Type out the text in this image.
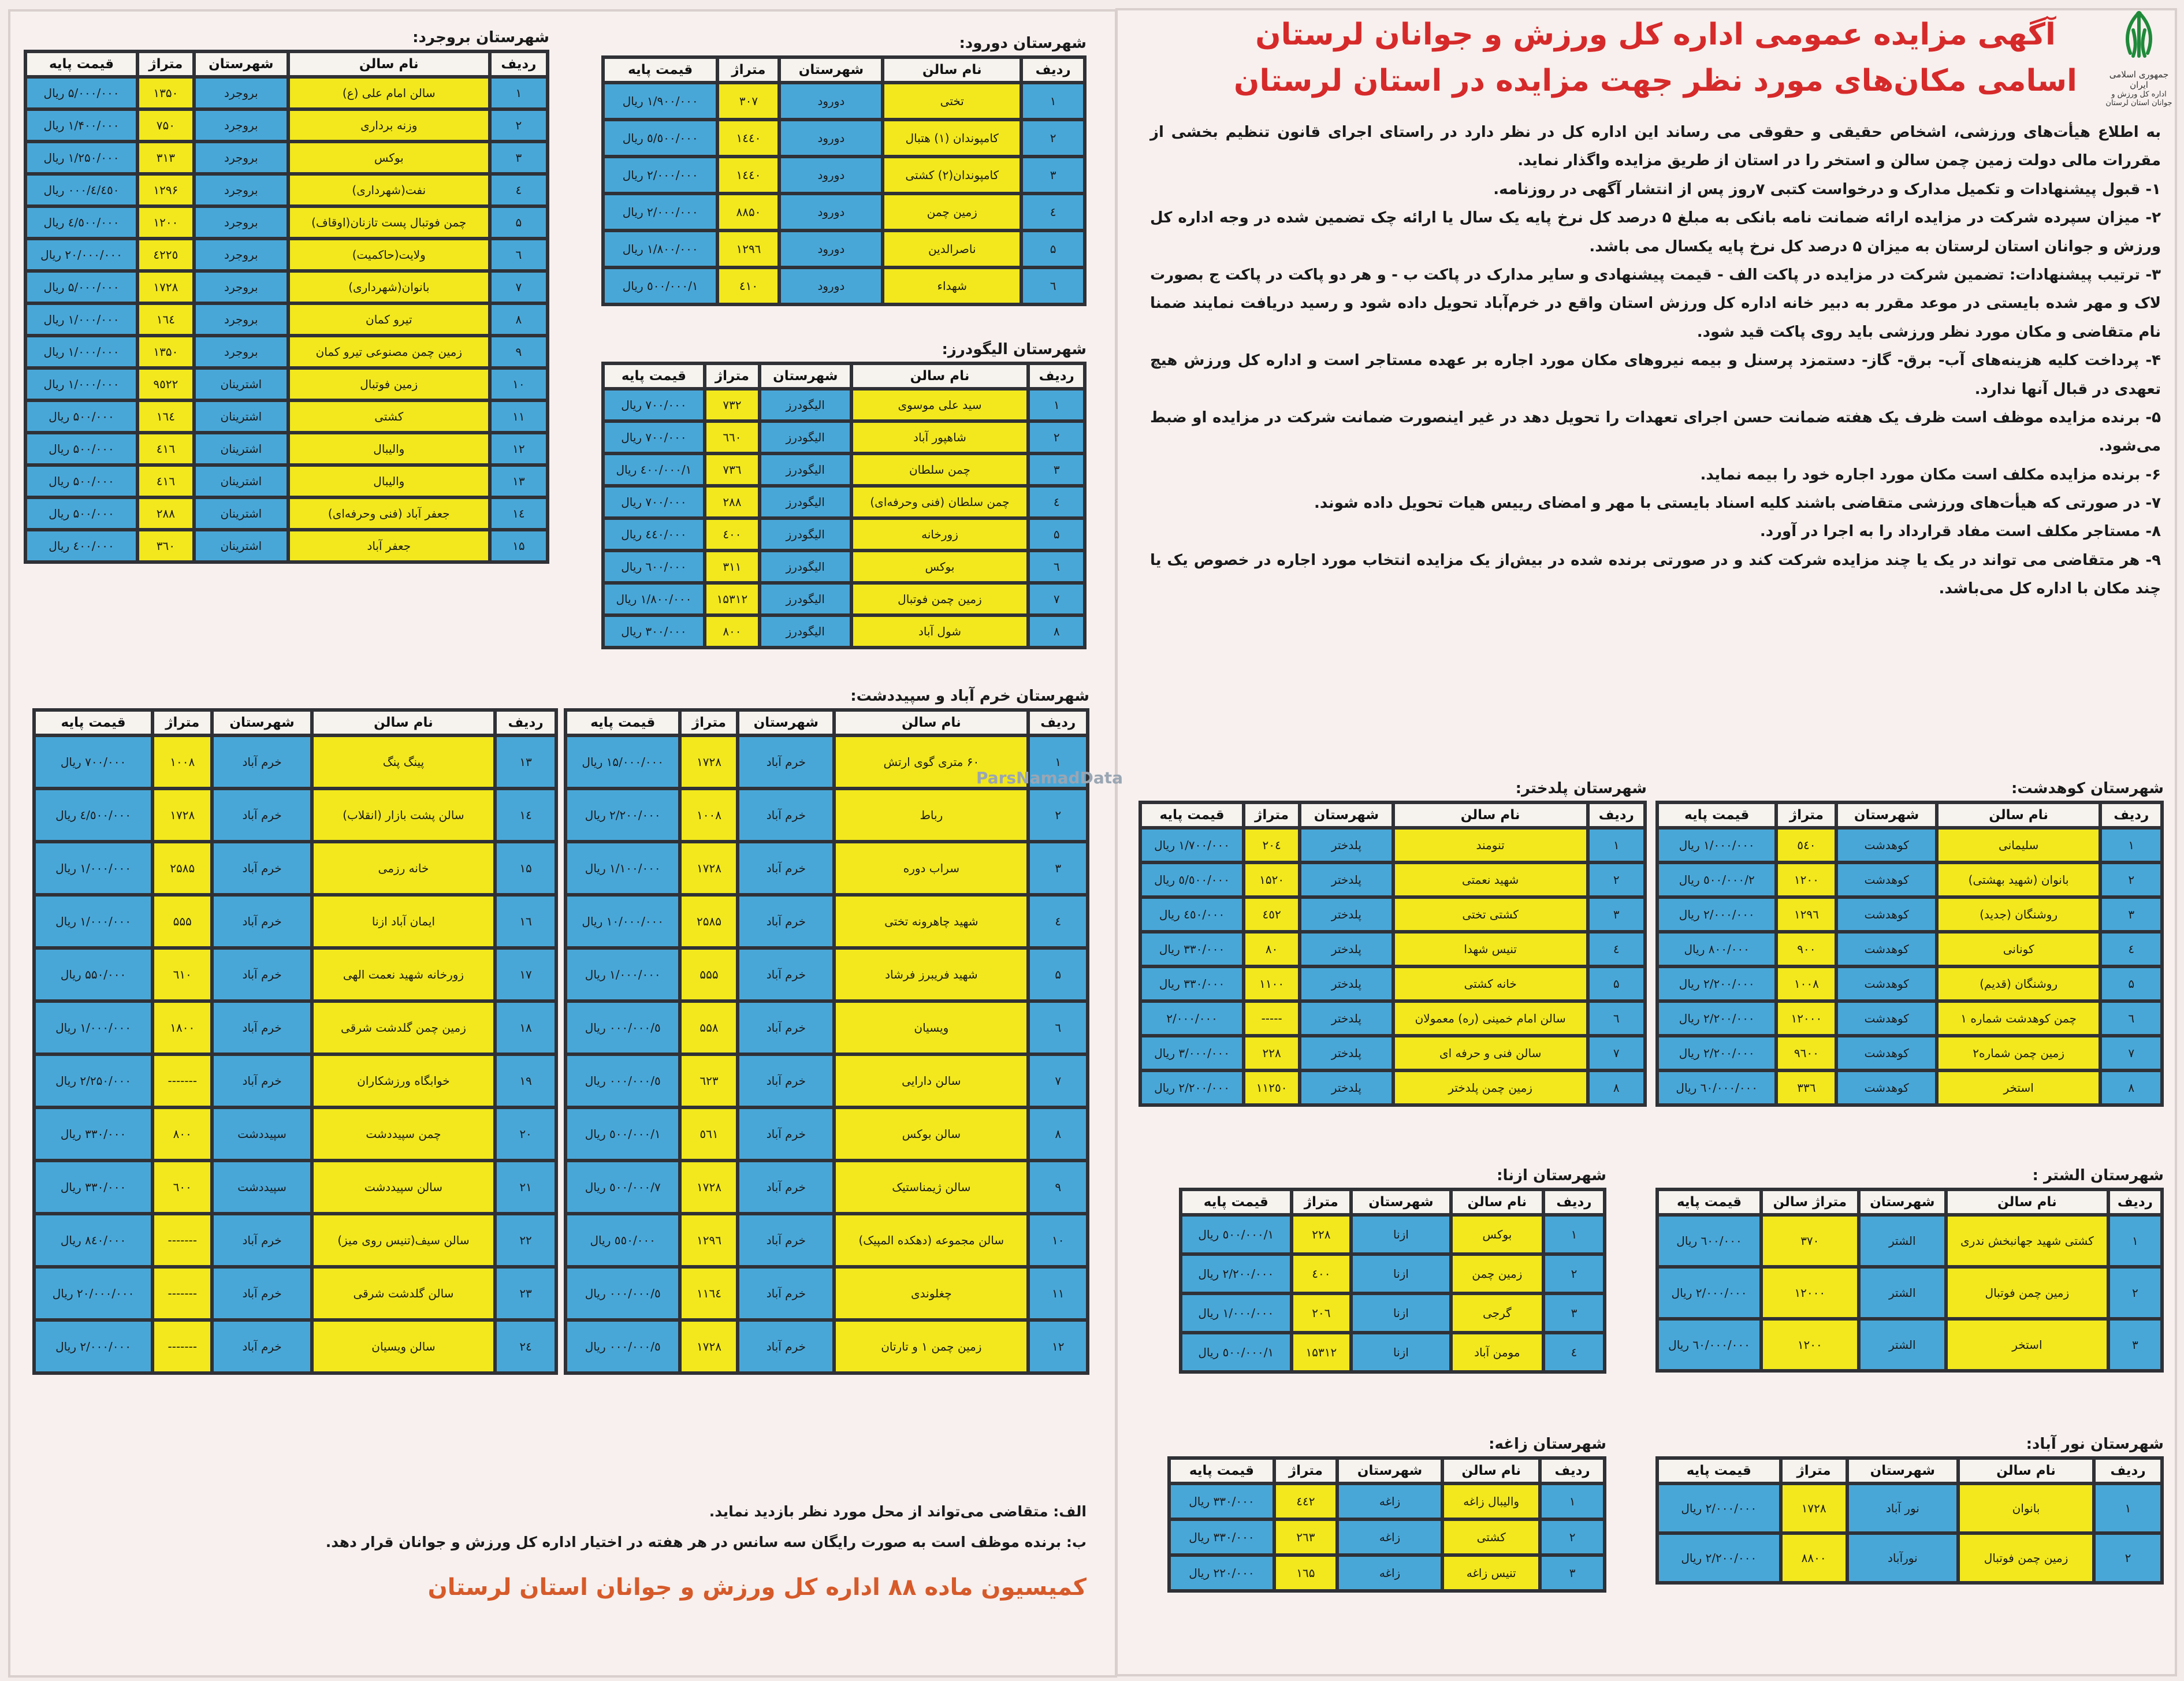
جمهوری اسلامی ایران
اداره کل ورزش و جوانان استان لرستان
آگهی مزایده عمومی اداره کل ورزش و جوانان لرستان
اسامی مکان‌های مورد نظر جهت مزایده در استان لرستان

به اطلاع هیأت‌های ورزشی، اشخاص حقیقی و حقوقی می رساند این اداره کل در نظر دارد در راستای اجرای قانون تنظیم بخشی از مقررات مالی دولت زمین چمن سالن و استخر را در استان از طریق مزایده واگذار نماید.

۱- قبول پیشنهادات و تکمیل مدارک و درخواست کتبی ۷روز پس از انتشار آگهی در روزنامه.

۲- میزان سپرده شرکت در مزایده ارائه ضمانت نامه بانکی به مبلغ ۵ درصد کل نرخ پایه یک سال یا ارائه چک تضمین شده در وجه اداره کل ورزش و جوانان استان لرستان به میزان ۵ درصد کل نرخ پایه یکسال می باشد.

۳- ترتیب پیشنهادات: تضمین شرکت در مزایده در پاکت الف - قیمت پیشنهادی و سایر مدارک در پاکت ب - و هر دو پاکت در پاکت ج بصورت لاک و مهر شده بایستی در موعد مقرر به دبیر خانه اداره کل ورزش استان واقع در خرم‌آباد تحویل داده شود و رسید دریافت نمایند ضمنا نام متقاضی و مکان مورد نظر ورزشی باید روی پاکت قید شود.

۴- پرداخت کلیه هزینه‌های آب- برق- گاز- دستمزد پرسنل و بیمه نیروهای مکان مورد اجاره بر عهده مستاجر است و اداره کل ورزش هیچ تعهدی در قبال آنها ندارد.

۵- برنده مزایده موظف است ظرف یک هفته ضمانت حسن اجرای تعهدات را تحویل دهد در غیر اینصورت ضمانت شرکت در مزایده او ضبط می‌شود.

۶- برنده مزایده مکلف است مکان مورد اجاره خود را بیمه نماید.

۷- در صورتی که هیأت‌های ورزشی متقاضی باشند کلیه اسناد بایستی با مهر و امضای رییس هیات تحویل داده شوند.

۸- مستاجر مکلف است مفاد قرارداد را به اجرا در آورد.

۹- هر متقاضی می تواند در یک یا چند مزایده شرکت کند و در صورتی برنده شده در بیش‌از یک مزایده انتخاب مورد اجاره در خصوص یک یا چند مکان با اداره کل می‌باشد.

شهرستان کوهدشت:
ردیف	نام سالن	شهرستان	متراژ	قیمت پایه
۱	سلیمانی	کوهدشت	٥٤۰	۱/۰۰۰/۰۰۰ ریال
۲	بانوان (شهید بهشتی)	کوهدشت	۱۲۰۰	۲/٥۰۰/۰۰۰ ریال
۳	روشنگان (جدید)	کوهدشت	۱۲۹٦	۲/۰۰۰/۰۰۰ ریال
٤	کونانی	کوهدشت	۹۰۰	۸۰۰/۰۰۰ ریال
۵	روشنگان (قدیم)	کوهدشت	۱۰۰۸	۲/۲۰۰/۰۰۰ ریال
٦	چمن کوهدشت شماره ۱	کوهدشت	۱۲۰۰۰	۲/۲۰۰/۰۰۰ ریال
۷	زمین چمن شماره۲	کوهدشت	۹٦۰۰	۲/۲۰۰/۰۰۰ ریال
۸	استخر	کوهدشت	۳۳٦	٦۰/۰۰۰/۰۰۰ ریال
شهرستان پلدختر:
ردیف	نام سالن	شهرستان	متراژ	قیمت پایه
۱	تنومند	پلدختر	۲۰٤	۱/۷۰۰/۰۰۰ ریال
۲	شهید نعمتی	پلدختر	۱۵۲۰	٥/٥۰۰/۰۰۰ ریال
۳	کشتی تختی	پلدختر	٤٥۲	٤٥۰/۰۰۰ ریال
٤	تنیس شهدا	پلدختر	۸۰	۳۳۰/۰۰۰ ریال
۵	خانه کشتی	پلدختر	۱۱۰۰	۳۳۰/۰۰۰ ریال
٦	سالن امام خمینی (ره) معمولان	پلدختر	-----	۲/۰۰۰/۰۰۰
۷	سالن فنی و حرفه ای	پلدختر	۲۲۸	۳/۰۰۰/۰۰۰ ریال
۸	زمین چمن پلدختر	پلدختر	۱۱۲٥۰	۲/۲۰۰/۰۰۰ ریال
شهرستان الشتر :
ردیف	نام سالن	شهرستان	متراژ سالن	قیمت پایه
۱	کشتی شهید جهانبخش ندری	الشتر	۳۷۰	٦۰۰/۰۰۰ ریال
۲	زمین چمن فوتبال	الشتر	۱۲۰۰۰	۲/۰۰۰/۰۰۰ ریال
۳	استخر	الشتر	۱۲۰۰	٦۰/۰۰۰/۰۰۰ ریال
شهرستان ازنا:
ردیف	نام سالن	شهرستان	متراژ	قیمت پایه
۱	بوکس	ازنا	۲۲۸	۱/٥۰۰/۰۰۰ ریال
۲	زمین چمن	ازنا	٤۰۰	۲/۲۰۰/۰۰۰ ریال
۳	گرجی	ازنا	۲۰٦	۱/۰۰۰/۰۰۰ ریال
٤	مومن آباد	ازنا	۱۵۳۱۲	۱/٥۰۰/۰۰۰ ریال
شهرستان نور آباد:
ردیف	نام سالن	شهرستان	متراژ	قیمت پایه
۱	بانوان	نور آباد	۱۷۲۸	۲/۰۰۰/۰۰۰ ریال
۲	زمین چمن فوتبال	نورآباد	۸۸۰۰	۲/۲۰۰/۰۰۰ ریال
شهرستان زاغه:
ردیف	نام سالن	شهرستان	متراژ	قیمت پایه
۱	والیبال زاغه	زاغه	٤٤۲	۳۳۰/۰۰۰ ریال
۲	کشتی	زاغه	۲٦۳	۳۳۰/۰۰۰ ریال
۳	تنیس زاغه	زاغه	۱٦۵	۲۲۰/۰۰۰ ریال
شهرستان بروجرد:
ردیف	نام سالن	شهرستان	متراژ	قیمت پایه
۱	سالن امام علی (ع)	بروجرد	۱۳۵۰	۵/۰۰۰/۰۰۰ ریال
۲	وزنه برداری	بروجرد	۷۵۰	۱/۴۰۰/۰۰۰ ریال
۳	بوکس	بروجرد	۳۱۳	۱/۲۵۰/۰۰۰ ریال
٤	نفت(شهرداری)	بروجرد	۱۲۹۶	٤/٤٥٠/۰۰۰ ریال
۵	چمن فوتبال پست تازنان(اوقاف)	بروجرد	۱۲۰۰	٤/٥۰۰/۰۰۰ ریال
٦	ولایت(حاکمیت)	بروجرد	٤٢٢٥	۲۰/۰۰۰/۰۰۰ ریال
۷	بانوان(شهرداری)	بروجرد	۱۷۲۸	۵/۰۰۰/۰۰۰ ریال
۸	تیرو کمان	بروجرد	۱٦٤	۱/۰۰۰/۰۰۰ ریال
۹	زمین چمن مصنوعی تیرو کمان	بروجرد	۱۳۵۰	۱/۰۰۰/۰۰۰ ریال
۱۰	زمین فوتبال	اشترینان	٩٥٢٢	۱/۰۰۰/۰۰۰ ریال
۱۱	کشتی	اشترینان	۱٦٤	۵۰۰/۰۰۰ ریال
۱۲	والیبال	اشترینان	٤١٦	۵۰۰/۰۰۰ ریال
۱۳	والیبال	اشترینان	٤١٦	۵۰۰/۰۰۰ ریال
۱٤	جعفر آباد (فنی وحرفه‌ای)	اشترینان	۲۸۸	۵۰۰/۰۰۰ ریال
۱۵	جعفر آباد	اشترینان	۳٦۰	٤۰۰/۰۰۰ ریال
شهرستان دورود:
ردیف	نام سالن	شهرستان	متراژ	قیمت پایه
۱	تختی	دورود	۳۰۷	۱/۹۰۰/۰۰۰ ریال
۲	کامپوندان (۱) هتبال	دورود	۱٤٤۰	٥/٥۰۰/۰۰۰ ریال
۳	کامپوندان(۲) کشتی	دورود	۱٤٤۰	۲/۰۰۰/۰۰۰ ریال
٤	زمین چمن	دورود	۸۸۵۰	۲/۰۰۰/۰۰۰ ریال
۵	ناصرالدین	دورود	۱۲۹٦	۱/۸۰۰/۰۰۰ ریال
٦	شهداء	دورود	٤١۰	۱/٥۰۰/۰۰۰ ریال
شهرستان الیگودرز:
ردیف	نام سالن	شهرستان	متراژ	قیمت پایه
۱	سید علی موسوی	الیگودرز	۷۳۲	۷۰۰/۰۰۰ ریال
۲	شاهپور آباد	الیگودرز	٦٦۰	۷۰۰/۰۰۰ ریال
۳	چمن سلطان	الیگودرز	۷۳٦	۱/٤۰۰/۰۰۰ ریال
٤	چمن سلطان (فنی وحرفه‌ای)	الیگودرز	۲۸۸	۷۰۰/۰۰۰ ریال
۵	زورخانه	الیگودرز	٤۰۰	٤٤۰/۰۰۰ ریال
٦	بوکس	الیگودرز	۳۱۱	٦۰۰/۰۰۰ ریال
۷	زمین چمن فوتبال	الیگودرز	۱۵۳۱۲	۱/۸۰۰/۰۰۰ ریال
۸	شول آباد	الیگودرز	۸۰۰	۳۰۰/۰۰۰ ریال
شهرستان خرم آباد و سپیددشت:
ردیف	نام سالن	شهرستان	متراژ	قیمت پایه
۱	۶۰ متری گوی ارتش	خرم آباد	۱۷۲۸	۱۵/۰۰۰/۰۰۰ ریال
۲	رباط	خرم آباد	۱۰۰۸	۲/۲۰۰/۰۰۰ ریال
۳	سراب دوره	خرم آباد	۱۷۲۸	۱/۱۰۰/۰۰۰ ریال
٤	شهید چاهرونه تختی	خرم آباد	۲۵۸۵	۱۰/۰۰۰/۰۰۰ ریال
۵	شهید فریبرز فرشاد	خرم آباد	۵۵۵	۱/۰۰۰/۰۰۰ ریال
٦	ویسیان	خرم آباد	۵۵۸	٥/۰۰۰/۰۰۰ ریال
۷	سالن دارایی	خرم آباد	٦۲۳	٥/۰۰۰/۰۰۰ ریال
۸	سالن بوکس	خرم آباد	٥٦١	۱/٥۰۰/۰۰۰ ریال
۹	سالن ژیمناستیک	خرم آباد	۱۷۲۸	۷/٥۰۰/۰۰۰ ریال
۱۰	سالن مجموعه (دهکده المپیک)	خرم آباد	۱۲۹٦	٥٥۰/۰۰۰ ریال
۱۱	چغلوندی	خرم آباد	۱۱٦٤	٥/۰۰۰/۰۰۰ ریال
۱۲	زمین چمن ۱ و تارتان	خرم آباد	۱۷۲۸	٥/۰۰۰/۰۰۰ ریال
ردیف	نام سالن	شهرستان	متراژ	قیمت پایه
۱۳	پینگ پنگ	خرم آباد	۱۰۰۸	۷۰۰/۰۰۰ ریال
۱٤	سالن پشت بازار (انقلاب)	خرم آباد	۱۷۲۸	٤/٥۰۰/۰۰۰ ریال
۱۵	خانه رزمی	خرم آباد	۲۵۸۵	۱/۰۰۰/۰۰۰ ریال
۱٦	ایمان آباد ازنا	خرم آباد	۵۵۵	۱/۰۰۰/۰۰۰ ریال
۱۷	زورخانه شهید نعمت الهی	خرم آباد	٦۱۰	۵۵۰/۰۰۰ ریال
۱۸	زمین چمن گلدشت شرقی	خرم آباد	۱۸۰۰	۱/۰۰۰/۰۰۰ ریال
۱۹	خوابگاه ورزشکاران	خرم آباد	-------	۲/۲۵۰/۰۰۰ ریال
۲۰	چمن سپیددشت	سپیددشت	۸۰۰	۳۳۰/۰۰۰ ریال
۲۱	سالن سپیددشت	سپیددشت	٦۰۰	۳۳۰/۰۰۰ ریال
۲۲	سالن سیف(تنیس روی میز)	خرم آباد	-------	۸٤۰/۰۰۰ ریال
۲۳	سالن گلدشت شرقی	خرم آباد	-------	۲۰/۰۰۰/۰۰۰ ریال
۲٤	سالن ویسیان	خرم آباد	-------	۲/۰۰۰/۰۰۰ ریال
الف: متقاضی می‌تواند از محل مورد نظر بازدید نماید.
ب: برنده موظف است به صورت رایگان سه سانس در هر هفته در اختیار اداره کل ورزش و جوانان قرار دهد.
کمیسیون ماده ۸۸ اداره کل ورزش و جوانان استان لرستان
ParsNamadData
